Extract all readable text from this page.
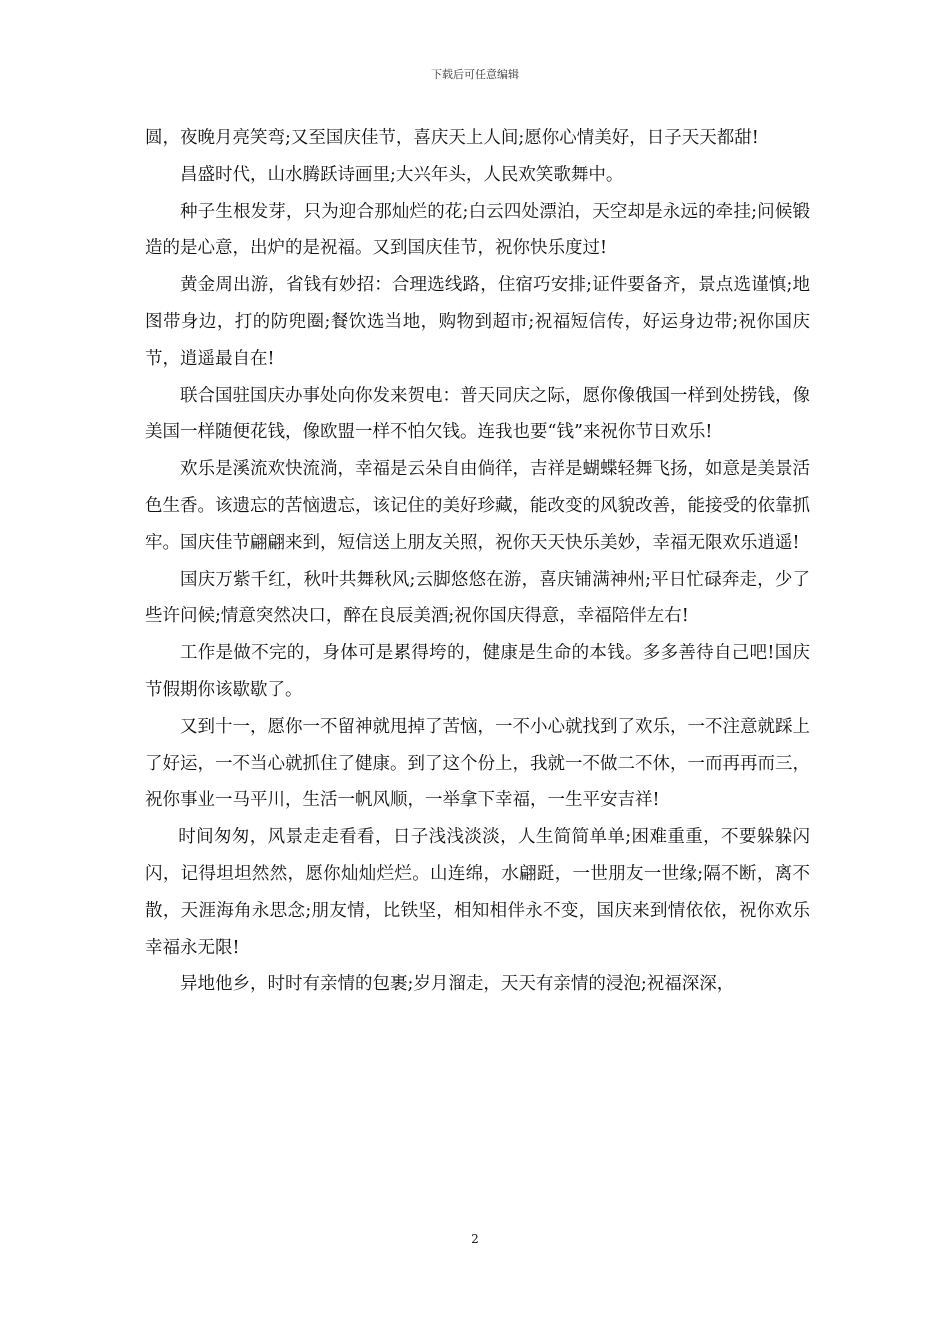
下载后可任意编辑

圆，夜晚月亮笑弯;又至国庆佳节，喜庆天上人间;愿你心情美好，日子天天都甜!

昌盛时代，山水腾跃诗画里;大兴年头，人民欢笑歌舞中。

种子生根发芽，只为迎合那灿烂的花;白云四处漂泊，天空却是永远的牵挂;问候锻造的是心意，出炉的是祝福。又到国庆佳节，祝你快乐度过!

黄金周出游，省钱有妙招：合理选线路，住宿巧安排;证件要备齐，景点选谨慎;地图带身边，打的防兜圈;餐饮选当地，购物到超市;祝福短信传，好运身边带;祝你国庆节，逍遥最自在!

联合国驻国庆办事处向你发来贺电：普天同庆之际，愿你像俄国一样到处捞钱，像美国一样随便花钱，像欧盟一样不怕欠钱。连我也要“钱”来祝你节日欢乐!

欢乐是溪流欢快流淌，幸福是云朵自由倘徉，吉祥是蝴蝶轻舞飞扬，如意是美景活色生香。该遗忘的苦恼遗忘，该记住的美好珍藏，能改变的风貌改善，能接受的依靠抓牢。国庆佳节翩翩来到，短信送上朋友关照，祝你天天快乐美妙，幸福无限欢乐逍遥!

国庆万紫千红，秋叶共舞秋风;云脚悠悠在游，喜庆铺满神州;平日忙碌奔走，少了些许问候;情意突然决口，醉在良辰美酒;祝你国庆得意，幸福陪伴左右!

工作是做不完的，身体可是累得垮的，健康是生命的本钱。多多善待自己吧!国庆节假期你该歇歇了。

又到十一，愿你一不留神就甩掉了苦恼，一不小心就找到了欢乐，一不注意就踩上了好运，一不当心就抓住了健康。到了这个份上，我就一不做二不休，一而再再而三，祝你事业一马平川，生活一帆风顺，一举拿下幸福，一生平安吉祥!

时间匆匆，风景走走看看，日子浅浅淡淡，人生简简单单;困难重重，不要躲躲闪闪，记得坦坦然然，愿你灿灿烂烂。山连绵，水翩跹，一世朋友一世缘;隔不断，离不散，天涯海角永思念;朋友情，比铁坚，相知相伴永不变，国庆来到情依依，祝你欢乐幸福永无限!

异地他乡，时时有亲情的包裹;岁月溜走，天天有亲情的浸泡;祝福深深，

2
